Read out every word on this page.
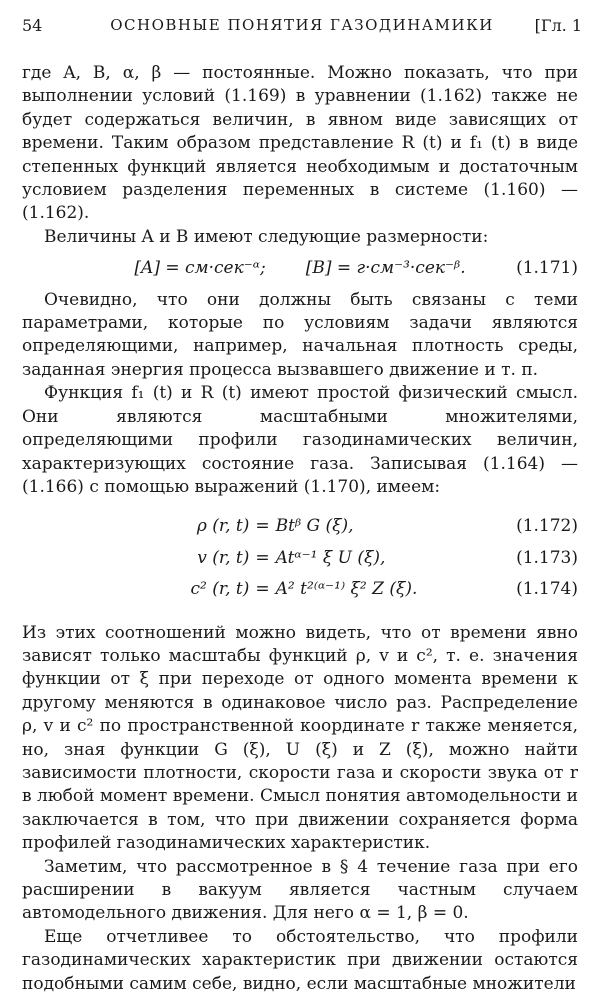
54	ОСНОВНЫЕ ПОНЯТИЯ ГАЗОДИНАМИКИ	[Гл. 1

где A, B, α, β — постоянные. Можно показать, что при выполнении условий (1.169) в уравнении (1.162) также не будет содержаться величин, в явном виде зависящих от времени. Таким образом представление R (t) и f₁ (t) в виде степенных функций является необходимым и достаточным условием разделения переменных в системе (1.160) — (1.162).

Величины A и B имеют следующие размерности:

[A] = см·сек⁻ᵅ; [B] = г·см⁻³·сек⁻ᵝ.	(1.171)

Очевидно, что они должны быть связаны с теми параметрами, которые по условиям задачи являются определяющими, например, начальная плотность среды, заданная энергия процесса вызвавшего движение и т. п.

Функция f₁ (t) и R (t) имеют простой физический смысл. Они являются масштабными множителями, определяющими профили газодинамических величин, характеризующих состояние газа. Записывая (1.164) — (1.166) с помощью выражений (1.170), имеем:

ρ (r, t) = Btᵝ G (ξ),	(1.172)
v (r, t) = Atᵅ⁻¹ ξ U (ξ),	(1.173)
c² (r, t) = A² t²⁽ᵅ⁻¹⁾ ξ² Z (ξ).	(1.174)

Из этих соотношений можно видеть, что от времени явно зависят только масштабы функций ρ, v и c², т. е. значения функции от ξ при переходе от одного момента времени к другому меняются в одинаковое число раз. Распределение ρ, v и c² по пространственной координате r также меняется, но, зная функции G (ξ), U (ξ) и Z (ξ), можно найти зависимости плотности, скорости газа и скорости звука от r в любой момент времени. Смысл понятия автомодельности и заключается в том, что при движении сохраняется форма профилей газодинамических характеристик.

Заметим, что рассмотренное в § 4 течение газа при его расширении в вакуум является частным случаем автомодельного движения. Для него α = 1, β = 0.

Еще отчетливее то обстоятельство, что профили газодинамических характеристик при движении остаются подобными самим себе, видно, если масштабные множители
